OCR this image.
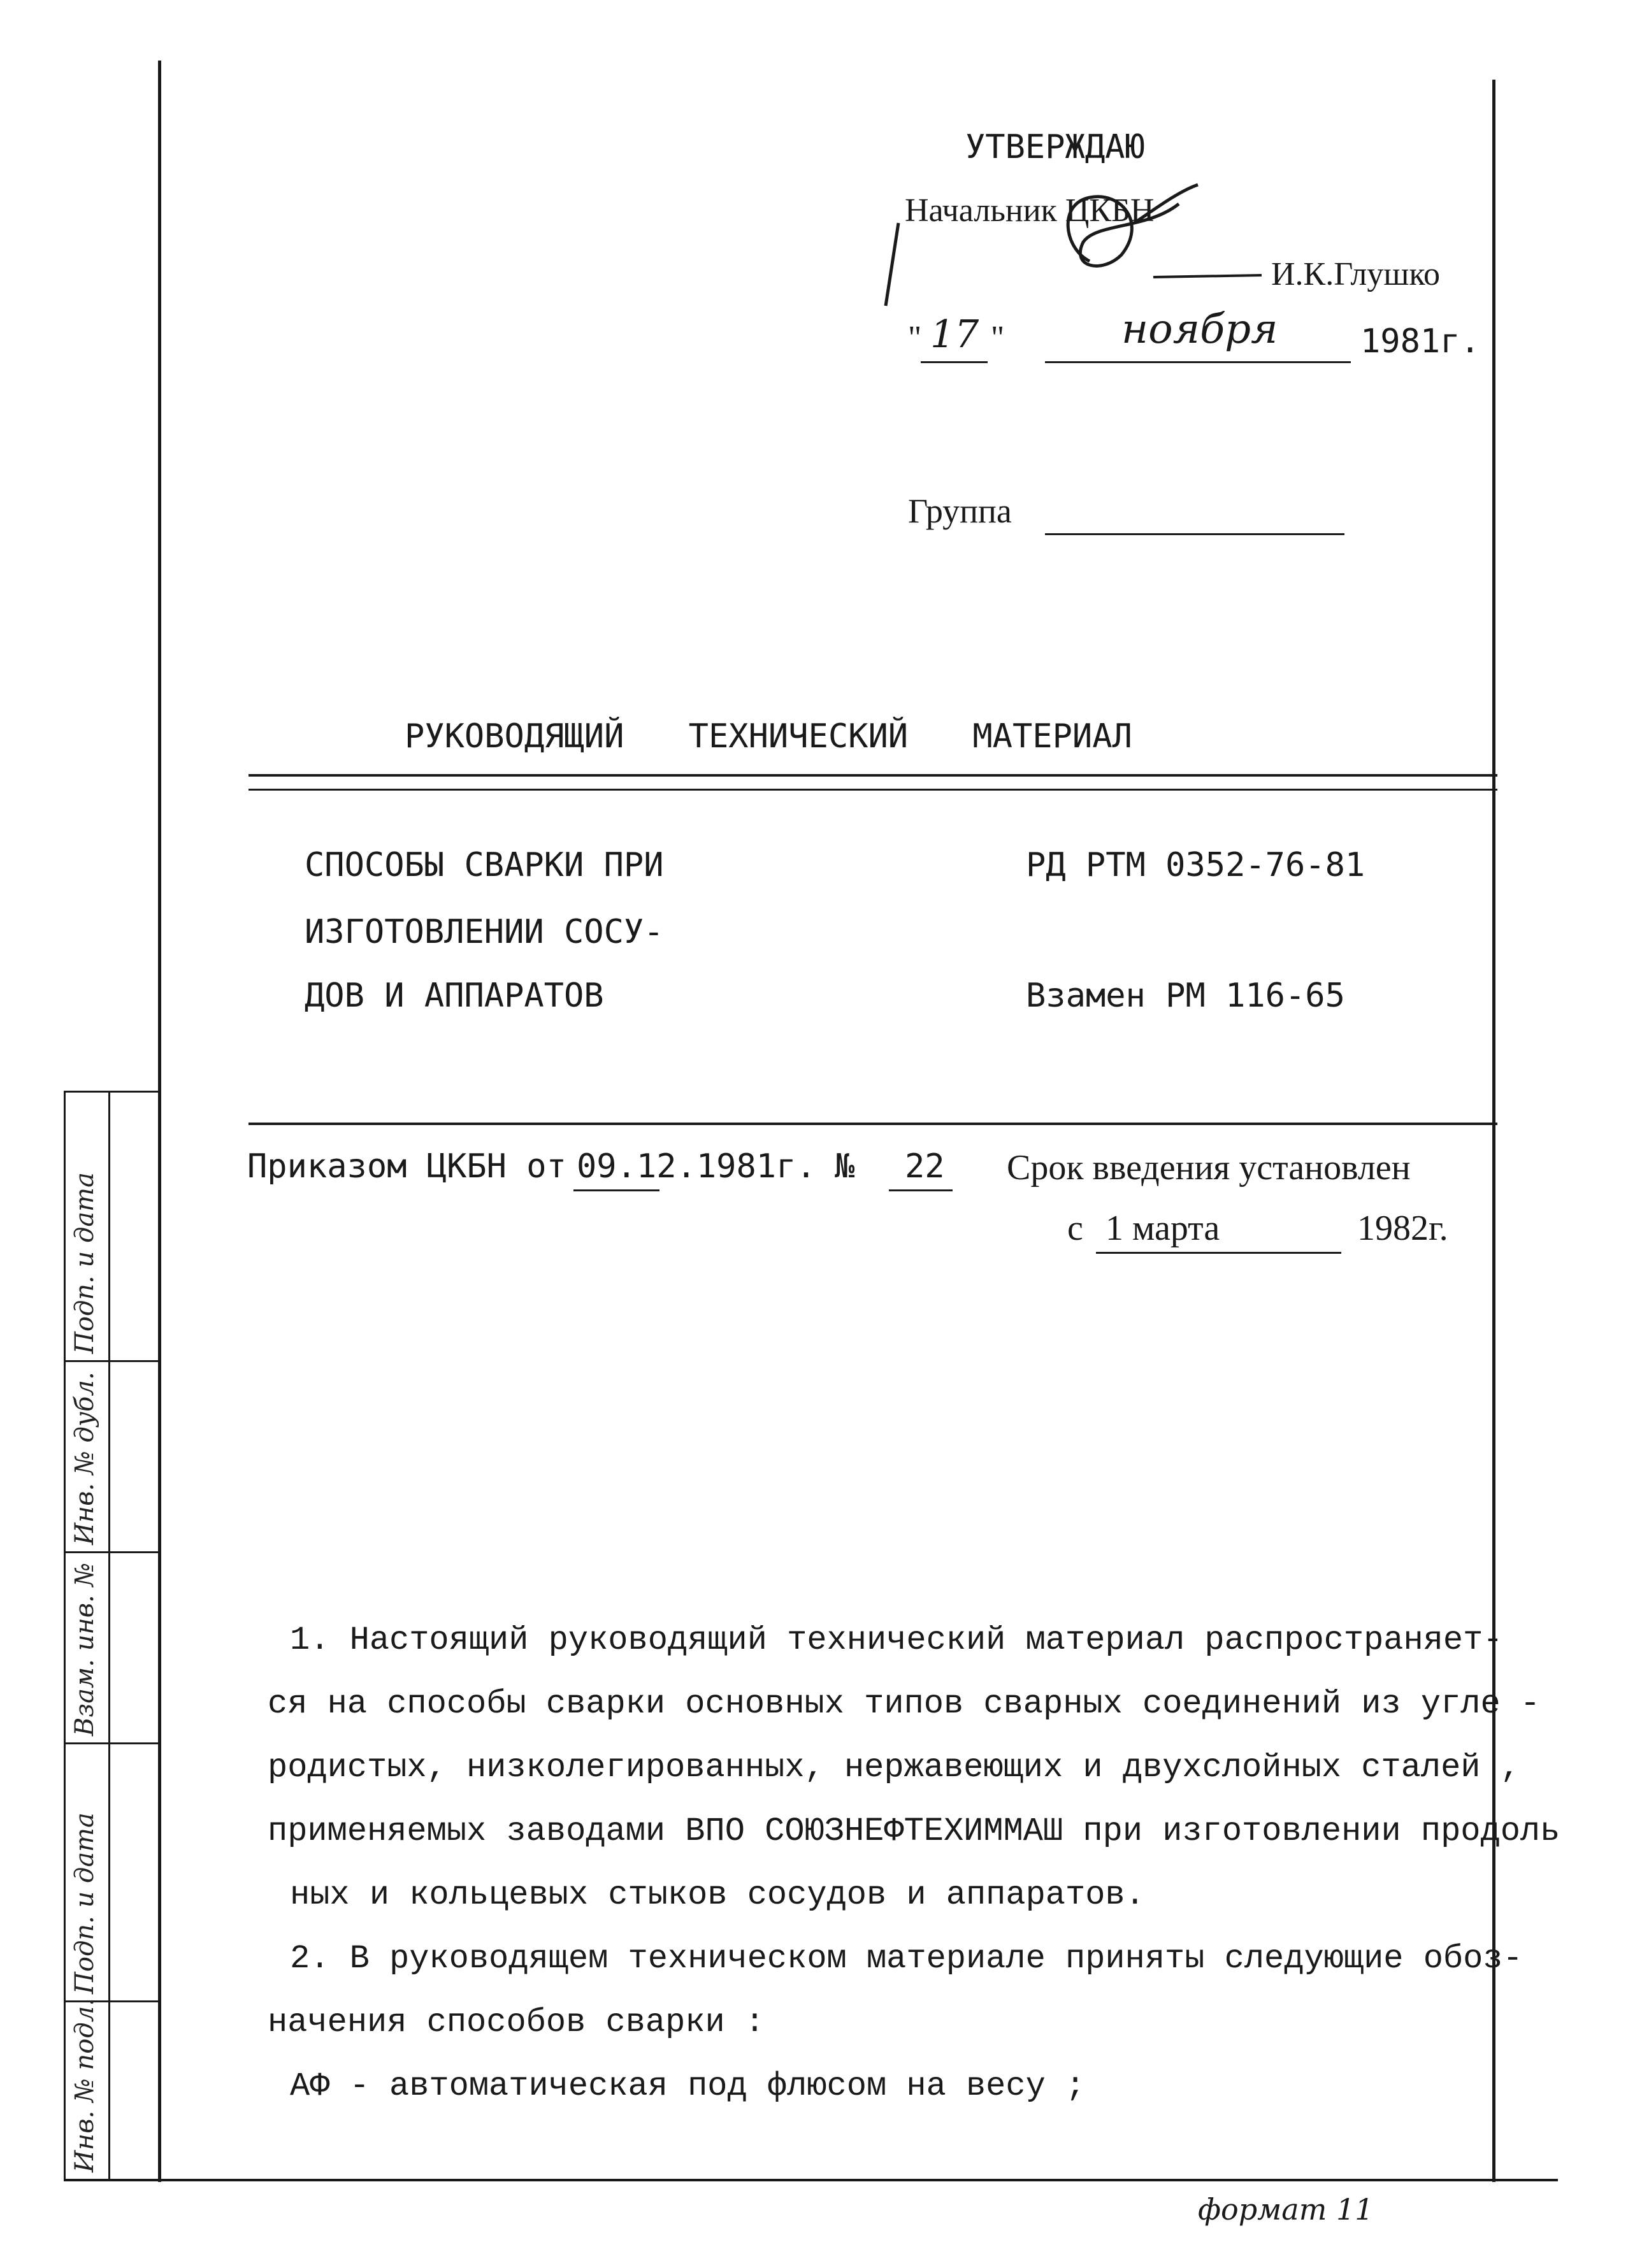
Подп. и дата
Инв. № дубл.
Взам. инв. №
Подп. и дата
Инв. № подл.
УТВЕРЖДАЮ
Начальник ЦКБН
И.К.Глушко
" 17 "	ноября 1981г.
Группа
РУКОВОДЯЩИЙ ТЕХНИЧЕСКИЙ МАТЕРИАЛ
СПОСОБЫ СВАРКИ ПРИ
ИЗГОТОВЛЕНИИ СОСУ-
ДОВ И АППАРАТОВ
РД РТМ 0352-76-81
Взамен РМ 116-65
Приказом ЦКБН от 09.12.1981г. № 22 Срок введения установлен
с 1 марта	1982г.
1. Настоящий руководящий технический материал распространяет-
ся на способы сварки основных типов сварных соединений из угле -
родистых, низколегированных, нержавеющих и двухслойных сталей ,
применяемых заводами ВПО СОЮЗНЕФТЕХИММАШ при изготовлении продоль
ных и кольцевых стыков сосудов и аппаратов.
2. В руководящем техническом материале приняты следующие обоз-
начения способов сварки :
АФ - автоматическая под флюсом на весу ;
формат 11
